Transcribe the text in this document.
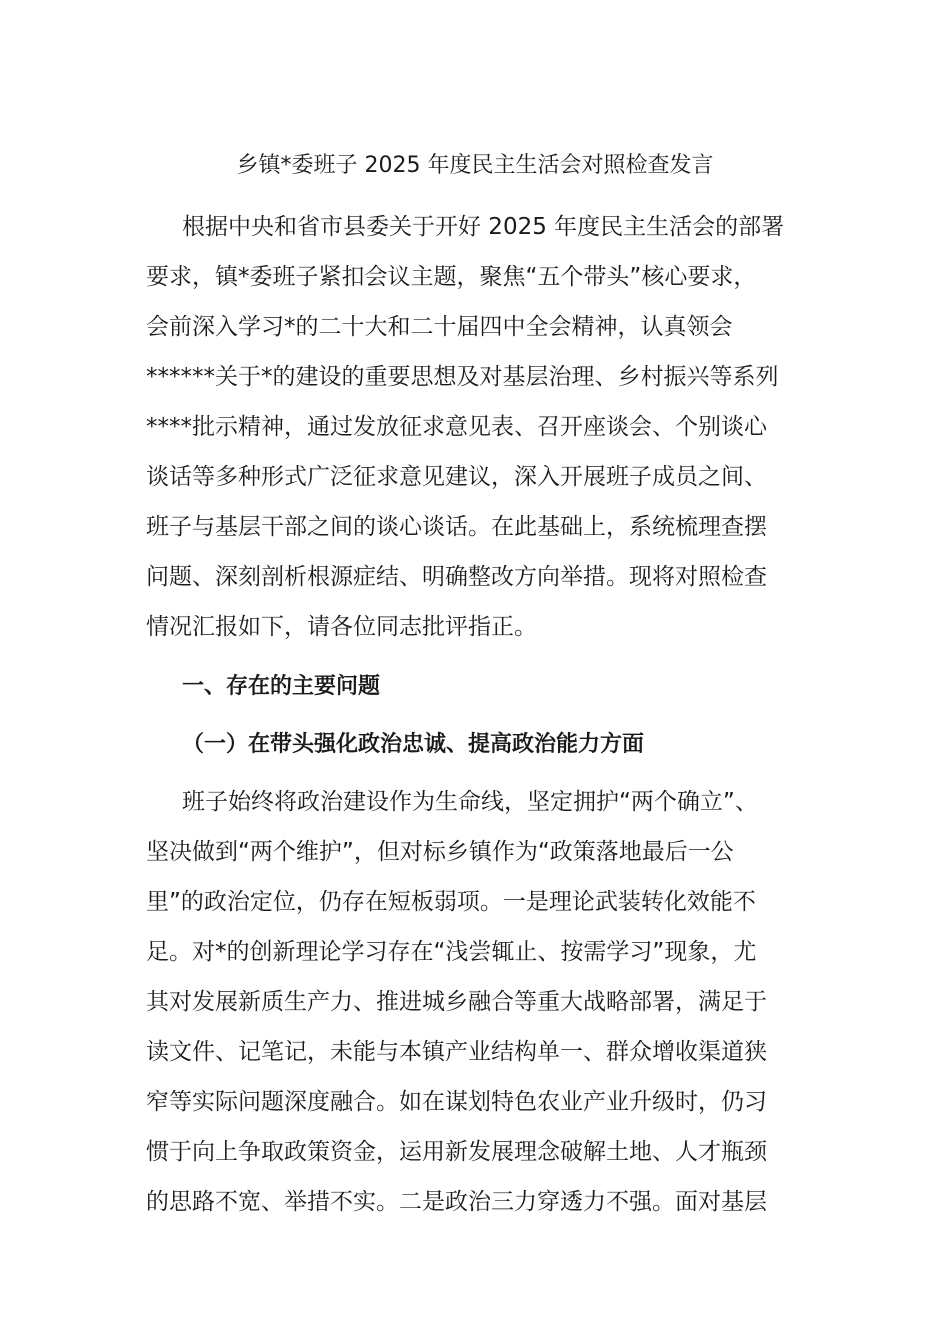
乡镇*委班子 2025 年度民主生活会对照检查发言
根据中央和省市县委关于开好 2025 年度民主生活会的部署
要求，镇*委班子紧扣会议主题，聚焦“五个带头”核心要求，
会前深入学习*的二十大和二十届四中全会精神，认真领会
******关于*的建设的重要思想及对基层治理、乡村振兴等系列
****批示精神，通过发放征求意见表、召开座谈会、个别谈心
谈话等多种形式广泛征求意见建议，深入开展班子成员之间、
班子与基层干部之间的谈心谈话。在此基础上，系统梳理查摆
问题、深刻剖析根源症结、明确整改方向举措。现将对照检查
情况汇报如下，请各位同志批评指正。
一、存在的主要问题
（一）在带头强化政治忠诚、提高政治能力方面
班子始终将政治建设作为生命线，坚定拥护“两个确立”、
坚决做到“两个维护”，但对标乡镇作为“政策落地最后一公
里”的政治定位，仍存在短板弱项。一是理论武装转化效能不
足。对*的创新理论学习存在“浅尝辄止、按需学习”现象，尤
其对发展新质生产力、推进城乡融合等重大战略部署，满足于
读文件、记笔记，未能与本镇产业结构单一、群众增收渠道狭
窄等实际问题深度融合。如在谋划特色农业产业升级时，仍习
惯于向上争取政策资金，运用新发展理念破解土地、人才瓶颈
的思路不宽、举措不实。二是政治三力穿透力不强。面对基层
